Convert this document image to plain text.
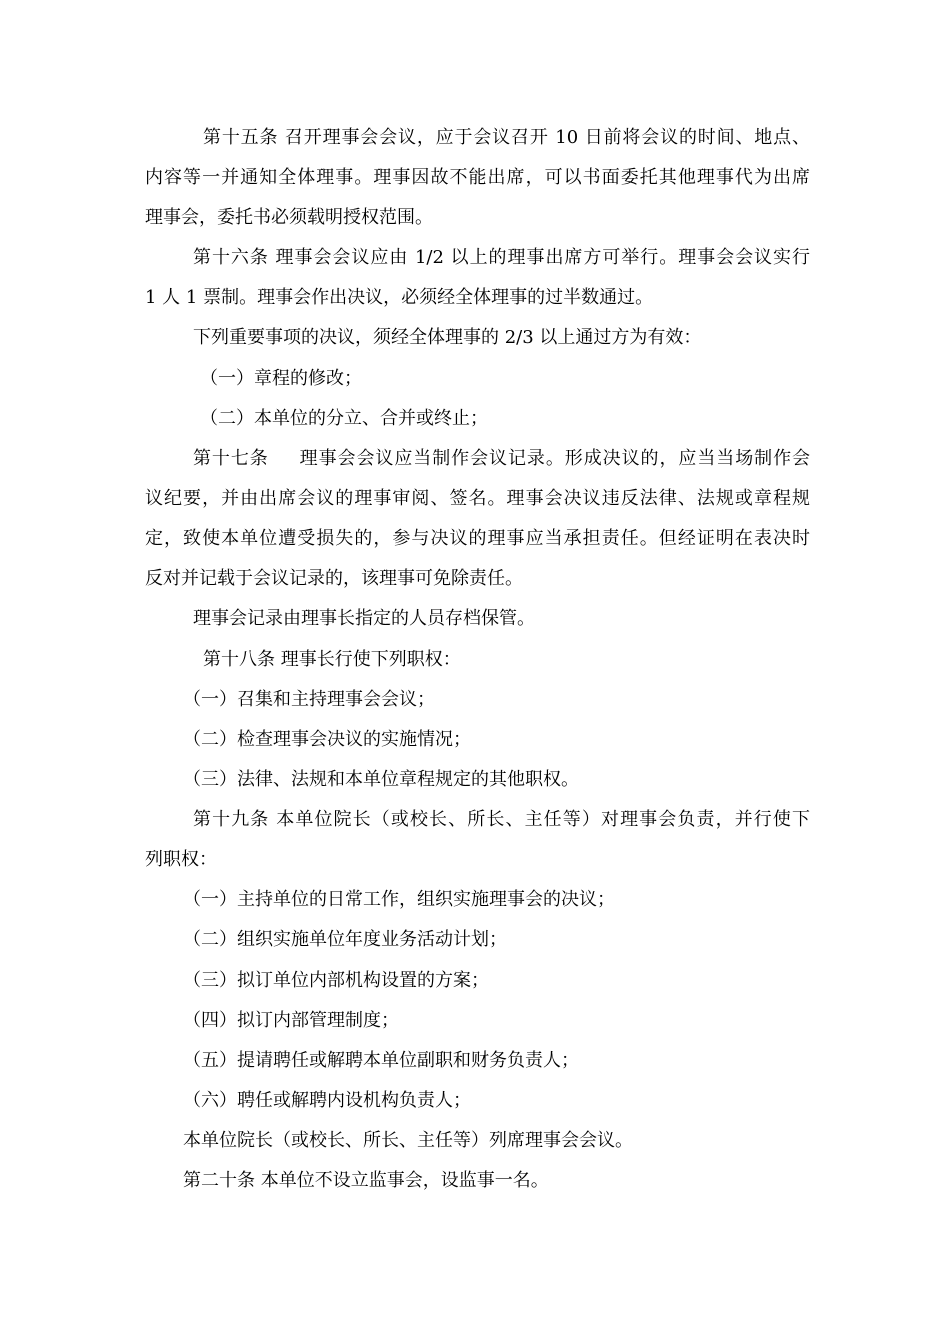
第十五条 召开理事会会议，应于会议召开 10 日前将会议的时间、地点、
内容等一并通知全体理事。理事因故不能出席，可以书面委托其他理事代为出席
理事会，委托书必须载明授权范围。
第十六条 理事会会议应由 1/2 以上的理事出席方可举行。理事会会议实行
1 人 1 票制。理事会作出决议，必须经全体理事的过半数通过。
下列重要事项的决议，须经全体理事的 2/3 以上通过方为有效：
（一）章程的修改；
（二）本单位的分立、合并或终止；
第十七条 理事会会议应当制作会议记录。形成决议的，应当当场制作会
议纪要，并由出席会议的理事审阅、签名。理事会决议违反法律、法规或章程规
定，致使本单位遭受损失的，参与决议的理事应当承担责任。但经证明在表决时
反对并记载于会议记录的，该理事可免除责任。
理事会记录由理事长指定的人员存档保管。
第十八条 理事长行使下列职权：
（一）召集和主持理事会会议；
（二）检查理事会决议的实施情况；
（三）法律、法规和本单位章程规定的其他职权。
第十九条 本单位院长（或校长、所长、主任等）对理事会负责，并行使下
列职权：
（一）主持单位的日常工作，组织实施理事会的决议；
（二）组织实施单位年度业务活动计划；
（三）拟订单位内部机构设置的方案；
（四）拟订内部管理制度；
（五）提请聘任或解聘本单位副职和财务负责人；
（六）聘任或解聘内设机构负责人；
本单位院长（或校长、所长、主任等）列席理事会会议。
第二十条 本单位不设立监事会，设监事一名。
